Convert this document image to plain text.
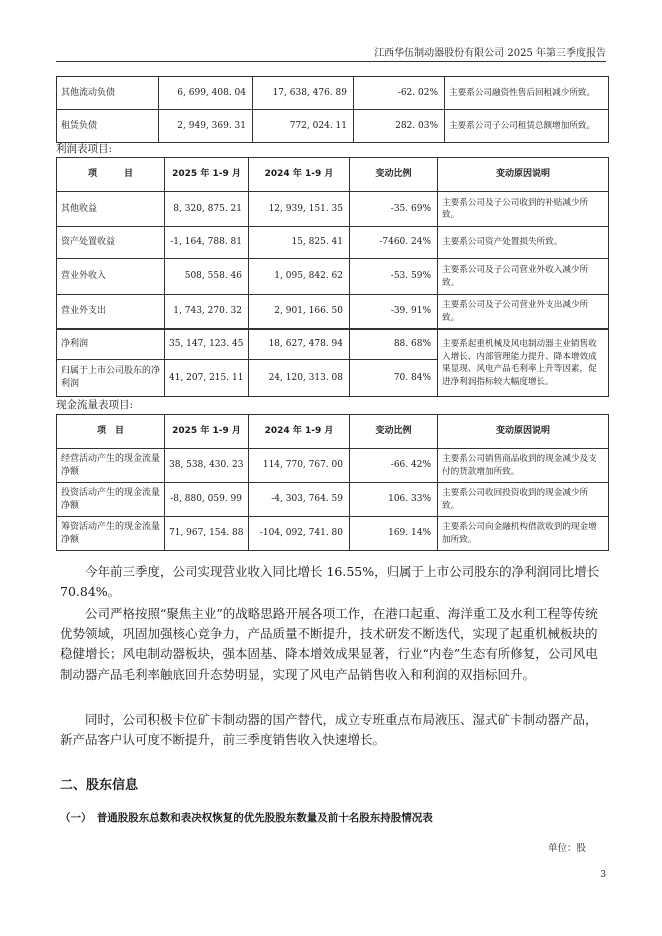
江西华伍制动器股份有限公司 2025 年第三季度报告
其他流动负债	6, 699, 408. 04	17, 638, 476. 89	-62. 02%	主要系公司融资性售后回租减少所致。
租赁负债	2, 949, 369. 31	772, 024. 11	282. 03%	主要系公司子公司租赁总额增加所致。
利润表项目:
项　　　目	2025 年 1-9 月	2024 年 1-9 月	变动比例	变动原因说明
其他收益	8, 320, 875. 21	12, 939, 151. 35	-35. 69%	主要系公司及子公司收到的补贴减少所致。
资产处置收益	-1, 164, 788. 81	15, 825. 41	-7460. 24%	主要系公司资产处置损失所致。
营业外收入	508, 558. 46	1, 095, 842. 62	-53. 59%	主要系公司及子公司营业外收入减少所致。
营业外支出	1, 743, 270. 32	2, 901, 166. 50	-39. 91%	主要系公司及子公司营业外支出减少所致。
净利润	35, 147, 123. 45	18, 627, 478. 94	88. 68%	主要系起重机械及风电制动器主业销售收入增长、内部管理能力提升、降本增效成果显现、风电产品毛利率上升等因素，促进净利润指标较大幅度增长。
归属于上市公司股东的净利润	41, 207, 215. 11	24, 120, 313. 08	70. 84%	
现金流量表项目:
项　目	2025 年 1-9 月	2024 年 1-9 月	变动比例	变动原因说明
经营活动产生的现金流量净额	38, 538, 430. 23	114, 770, 767. 00	-66. 42%	主要系公司销售商品收到的现金减少及支付的货款增加所致。
投资活动产生的现金流量净额	-8, 880, 059. 99	-4, 303, 764. 59	106. 33%	主要系公司收回投资收到的现金减少所致。
筹资活动产生的现金流量净额	71, 967, 154. 88	-104, 092, 741. 80	169. 14%	主要系公司向金融机构借款收到的现金增加所致。
今年前三季度，公司实现营业收入同比增长 16.55%，归属于上市公司股东的净利润同比增长 70.84%。
公司严格按照“聚焦主业”的战略思路开展各项工作，在港口起重、海洋重工及水利工程等传统优势领域，巩固加强核心竞争力，产品质量不断提升，技术研发不断迭代，实现了起重机械板块的稳健增长；风电制动器板块，强本固基、降本增效成果显著，行业“内卷”生态有所修复，公司风电制动器产品毛利率触底回升态势明显，实现了风电产品销售收入和利润的双指标回升。
同时，公司积极卡位矿卡制动器的国产替代，成立专班重点布局液压、湿式矿卡制动器产品，新产品客户认可度不断提升，前三季度销售收入快速增长。
二、股东信息
（一）　普通股股东总数和表决权恢复的优先股股东数量及前十名股东持股情况表
单位：股
3
